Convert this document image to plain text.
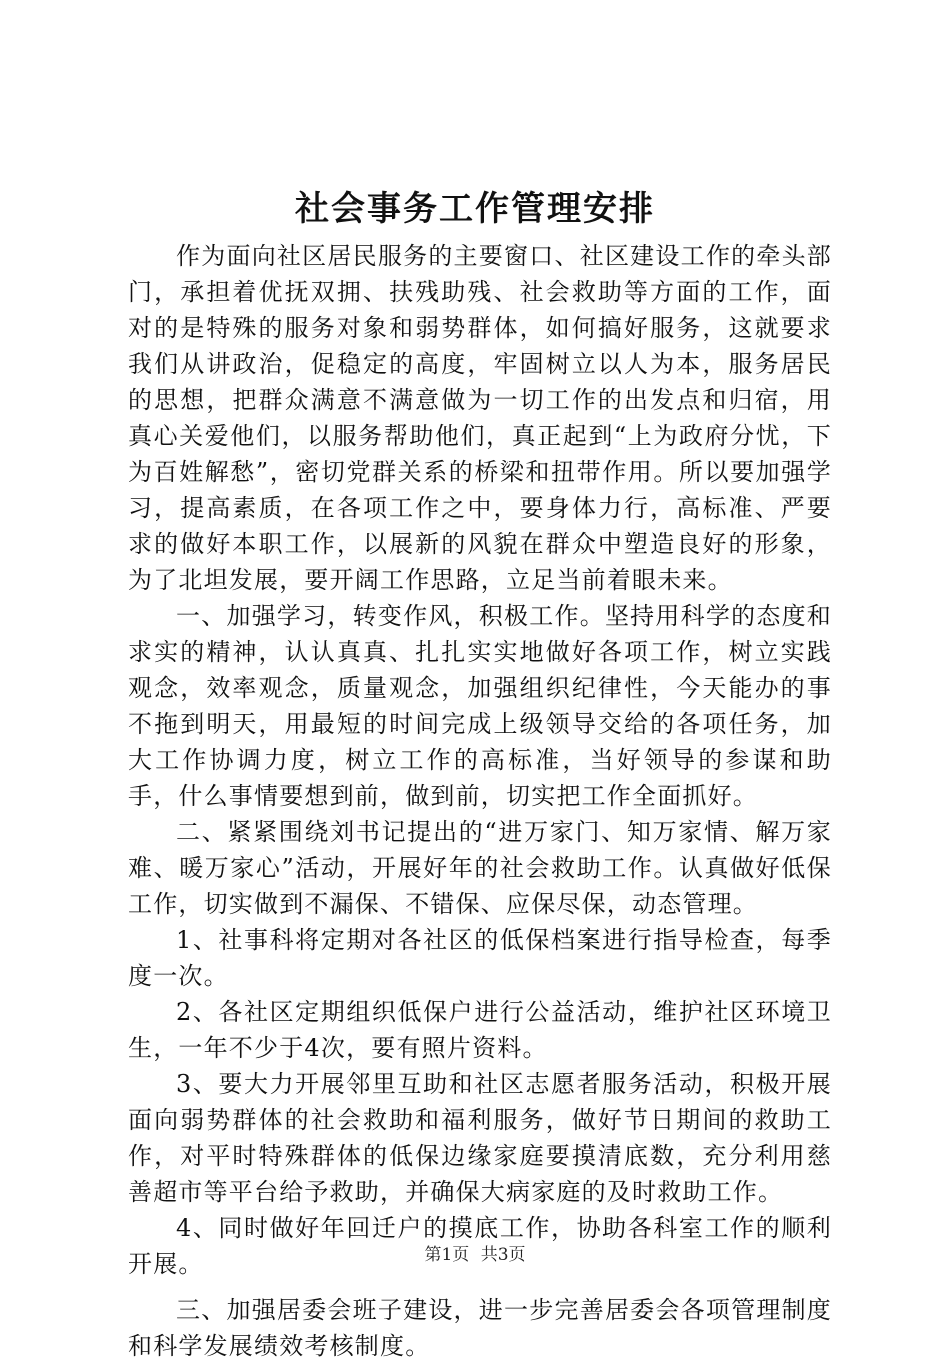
社会事务工作管理安排

作为面向社区居民服务的主要窗口、社区建设工作的牵头部门，承担着优抚双拥、扶残助残、社会救助等方面的工作，面对的是特殊的服务对象和弱势群体，如何搞好服务，这就要求我们从讲政治，促稳定的高度，牢固树立以人为本，服务居民的思想，把群众满意不满意做为一切工作的出发点和归宿，用真心关爱他们，以服务帮助他们，真正起到“上为政府分忧，下为百姓解愁”，密切党群关系的桥梁和扭带作用。所以要加强学习，提高素质，在各项工作之中，要身体力行，高标准、严要求的做好本职工作，以展新的风貌在群众中塑造良好的形象，为了北坦发展，要开阔工作思路，立足当前着眼未来。

一、加强学习，转变作风，积极工作。坚持用科学的态度和求实的精神，认认真真、扎扎实实地做好各项工作，树立实践观念，效率观念，质量观念，加强组织纪律性，今天能办的事不拖到明天，用最短的时间完成上级领导交给的各项任务，加大工作协调力度，树立工作的高标准，当好领导的参谋和助手，什么事情要想到前，做到前，切实把工作全面抓好。

二、紧紧围绕刘书记提出的“进万家门、知万家情、解万家难、暖万家心”活动，开展好年的社会救助工作。认真做好低保工作，切实做到不漏保、不错保、应保尽保，动态管理。

1、社事科将定期对各社区的低保档案进行指导检查，每季度一次。

2、各社区定期组织低保户进行公益活动，维护社区环境卫生，一年不少于4次，要有照片资料。

3、要大力开展邻里互助和社区志愿者服务活动，积极开展面向弱势群体的社会救助和福利服务，做好节日期间的救助工作，对平时特殊群体的低保边缘家庭要摸清底数，充分利用慈善超市等平台给予救助，并确保大病家庭的及时救助工作。

4、同时做好年回迁户的摸底工作，协助各科室工作的顺利开展。

三、加强居委会班子建设，进一步完善居委会各项管理制度和科学发展绩效考核制度。

第1页 共3页
